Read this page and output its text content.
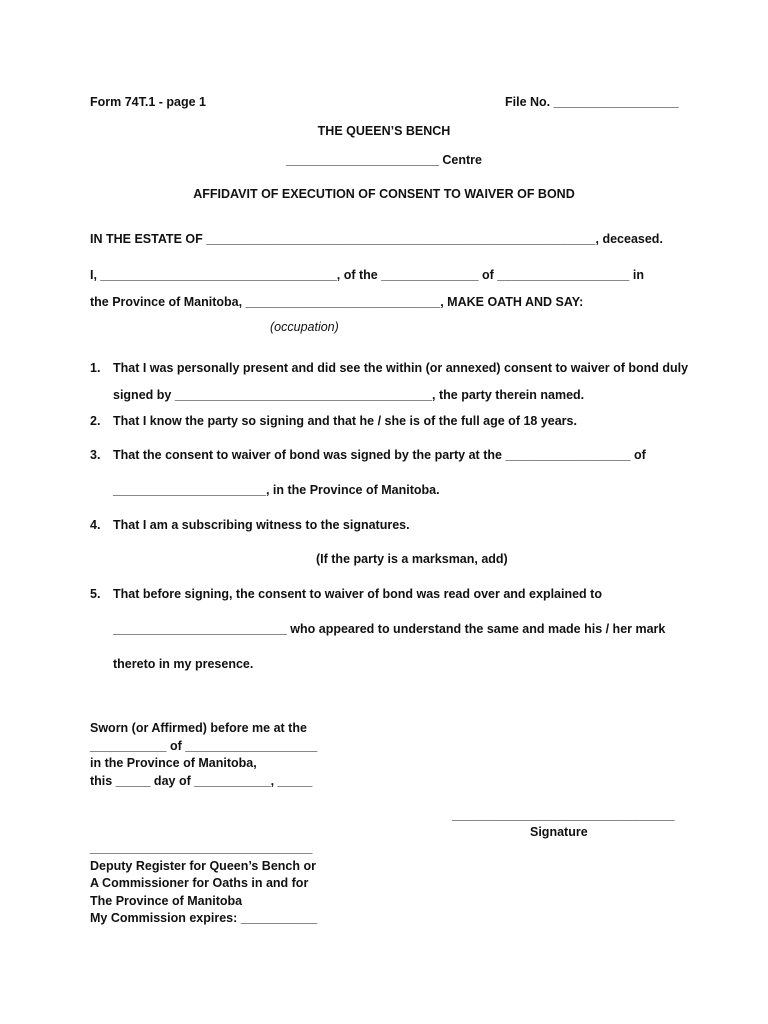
Form 74T.1 - page 1	File No. __________________
THE QUEEN’S BENCH
______________________ Centre
AFFIDAVIT OF EXECUTION OF CONSENT TO WAIVER OF BOND
IN THE ESTATE OF ________________________________________________________, deceased.
I, __________________________________, of the ______________ of ___________________ in
the Province of Manitoba, ____________________________, MAKE OATH AND SAY:
(occupation)
1. That I was personally present and did see the within (or annexed) consent to waiver of bond duly
signed by _____________________________________, the party therein named.
2. That I know the party so signing and that he / she is of the full age of 18 years.
3. That the consent to waiver of bond was signed by the party at the __________________ of
______________________, in the Province of Manitoba.
4. That I am a subscribing witness to the signatures.
(If the party is a marksman, add)
5. That before signing, the consent to waiver of bond was read over and explained to
_________________________ who appeared to understand the same and made his / her mark
thereto in my presence.
Sworn (or Affirmed) before me at the
___________ of ___________________
in the Province of Manitoba,
this _____ day of ___________, _____
________________________________
Signature
________________________________
Deputy Register for Queen’s Bench or
A Commissioner for Oaths in and for
The Province of Manitoba
My Commission expires: ___________
